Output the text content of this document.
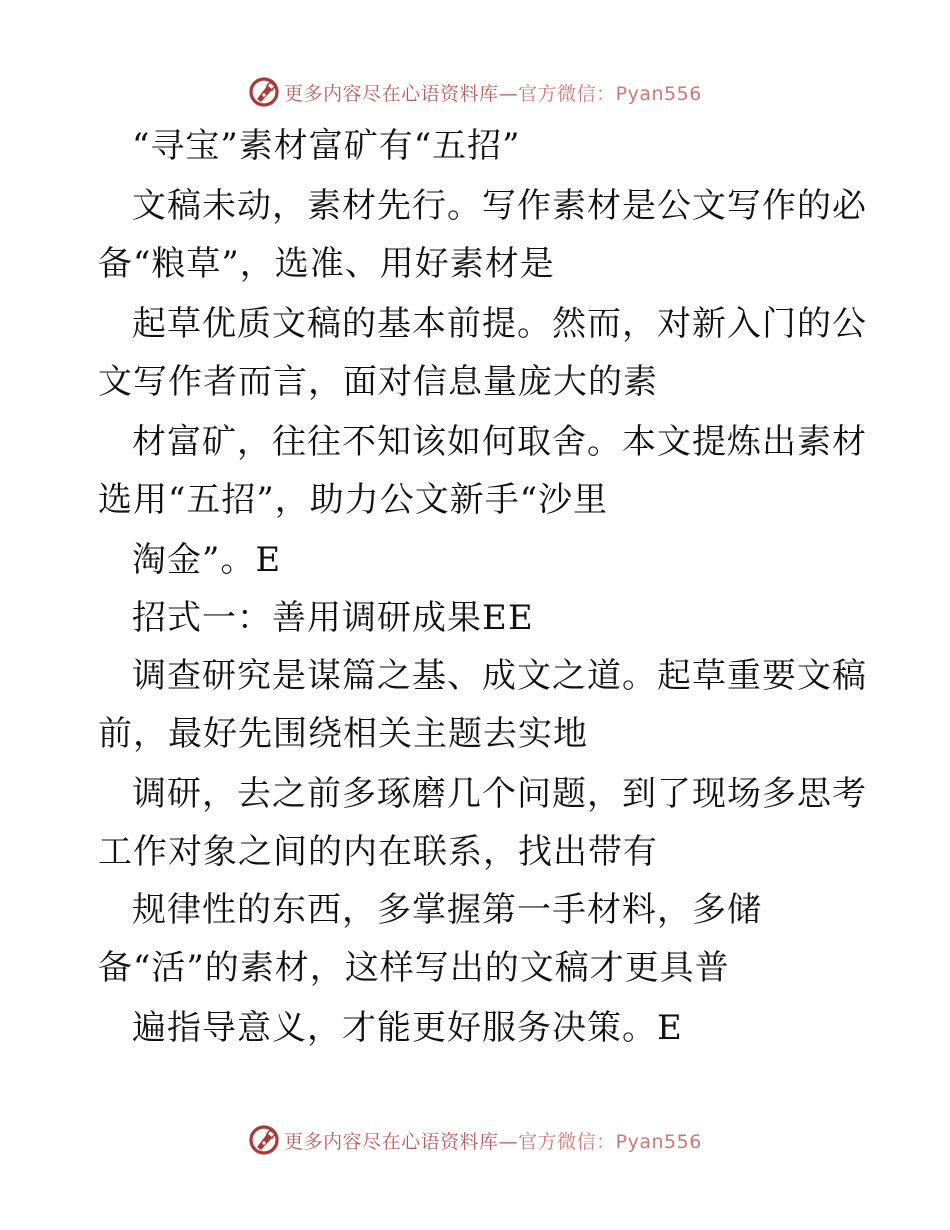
更多内容尽在心语资料库—官方微信：Pyan556
“寻宝”素材富矿有“五招”
文稿未动，素材先行。写作素材是公文写作的必
备“粮草”，选准、用好素材是
起草优质文稿的基本前提。然而，对新入门的公
文写作者而言，面对信息量庞大的素
材富矿，往往不知该如何取舍。本文提炼出素材
选用“五招”，助力公文新手“沙里
淘金”。E
招式一：善用调研成果EE
调查研究是谋篇之基、成文之道。起草重要文稿
前，最好先围绕相关主题去实地
调研，去之前多琢磨几个问题，到了现场多思考
工作对象之间的内在联系，找出带有
规律性的东西，多掌握第一手材料，多储
备“活”的素材，这样写出的文稿才更具普
遍指导意义，才能更好服务决策。E
更多内容尽在心语资料库—官方微信：Pyan556
